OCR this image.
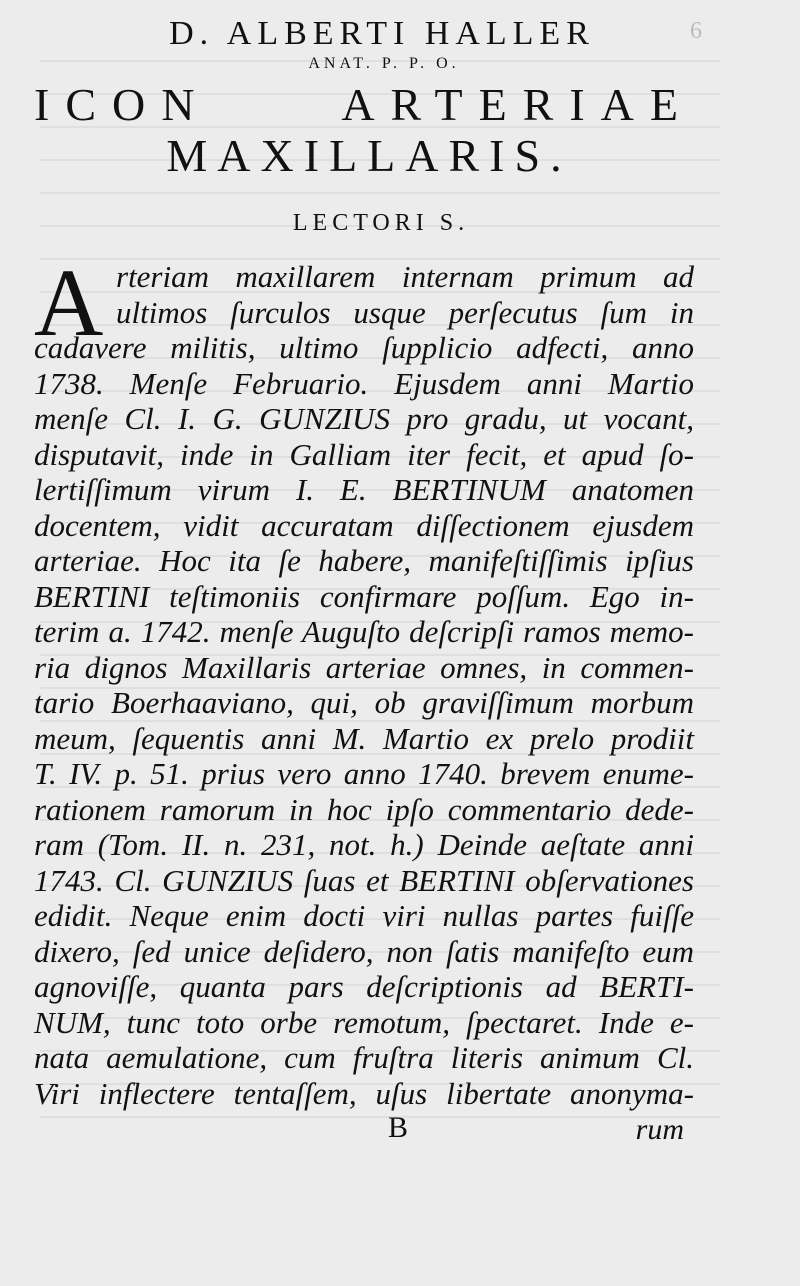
6
D. ALBERTI HALLER
ANAT. P. P. O.
ICON ARTERIAE
MAXILLARIS.
LECTORI S.
A rteriam maxillarem internam primum ad
ultimos ſurculos usque perſecutus ſum in
cadavere militis, ultimo ſupplicio adfecti, anno
1738. Menſe Februario. Ejusdem anni Martio
menſe Cl. I. G. GUNZIUS pro gradu, ut vocant,
disputavit, inde in Galliam iter fecit, et apud ſo-
lertiſſimum virum I. E. BERTINUM anatomen
docentem, vidit accuratam diſſectionem ejusdem
arteriae. Hoc ita ſe habere, manifeſtiſſimis ipſius
BERTINI teſtimoniis confirmare poſſum. Ego in-
terim a. 1742. menſe Auguſto deſcripſi ramos memo-
ria dignos Maxillaris arteriae omnes, in commen-
tario Boerhaaviano, qui, ob graviſſimum morbum
meum, ſequentis anni M. Martio ex prelo prodiit
T. IV. p. 51. prius vero anno 1740. brevem enume-
rationem ramorum in hoc ipſo commentario dede-
ram (Tom. II. n. 231, not. h.) Deinde aeſtate anni
1743. Cl. GUNZIUS ſuas et BERTINI obſervationes
edidit. Neque enim docti viri nullas partes fuiſſe
dixero, ſed unice deſidero, non ſatis manifeſto eum
agnoviſſe, quanta pars deſcriptionis ad BERTI-
NUM, tunc toto orbe remotum, ſpectaret. Inde e-
nata aemulatione, cum fruſtra literis animum Cl.
Viri inflectere tentaſſem, uſus libertate anonyma-
B	rum
